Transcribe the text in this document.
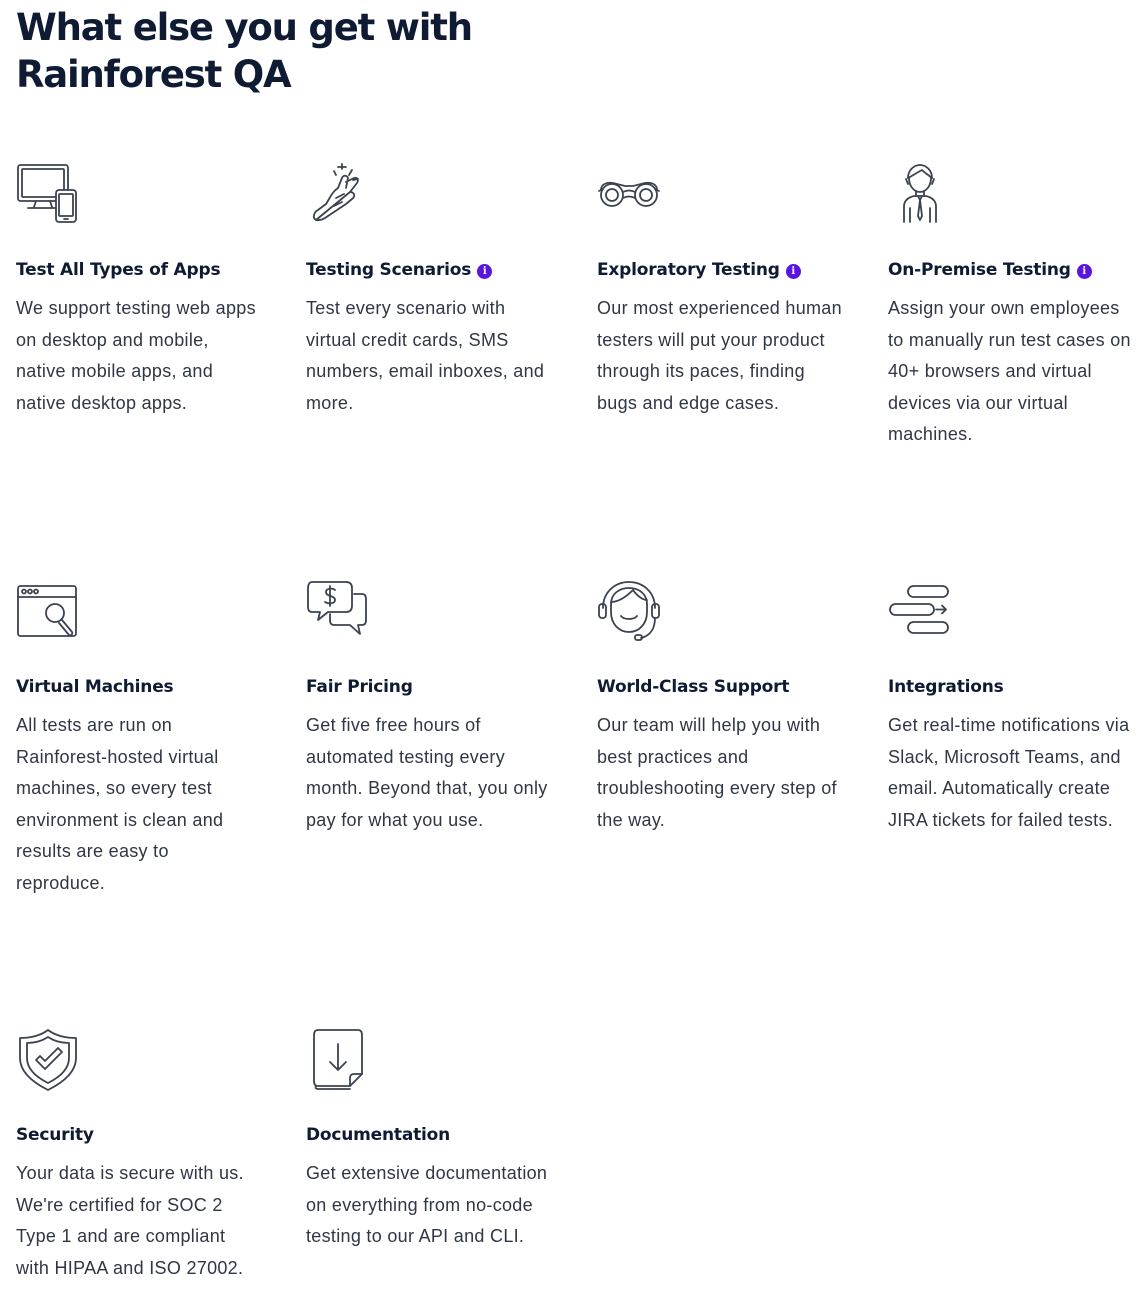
What else you get with
Rainforest QA
Test All Types of Apps
We support testing web apps on desktop and mobile, native mobile apps, and native desktop apps.
Testing Scenarios i
Test every scenario with virtual credit cards, SMS numbers, email inboxes, and more.
Exploratory Testing i
Our most experienced human testers will put your product through its paces, finding bugs and edge cases.
On-Premise Testing i
Assign your own employees to manually run test cases on 40+ browsers and virtual devices via our virtual machines.
Virtual Machines
All tests are run on Rainforest-hosted virtual machines, so every test environment is clean and results are easy to reproduce.
Fair Pricing
Get five free hours of automated testing every month. Beyond that, you only pay for what you use.
World-Class Support
Our team will help you with best practices and troubleshooting every step of the way.
Integrations
Get real-time notifications via Slack, Microsoft Teams, and email. Automatically create JIRA tickets for failed tests.
Security
Your data is secure with us. We're certified for SOC 2 Type 1 and are compliant with HIPAA and ISO 27002.
Documentation
Get extensive documentation on everything from no-code testing to our API and CLI.
